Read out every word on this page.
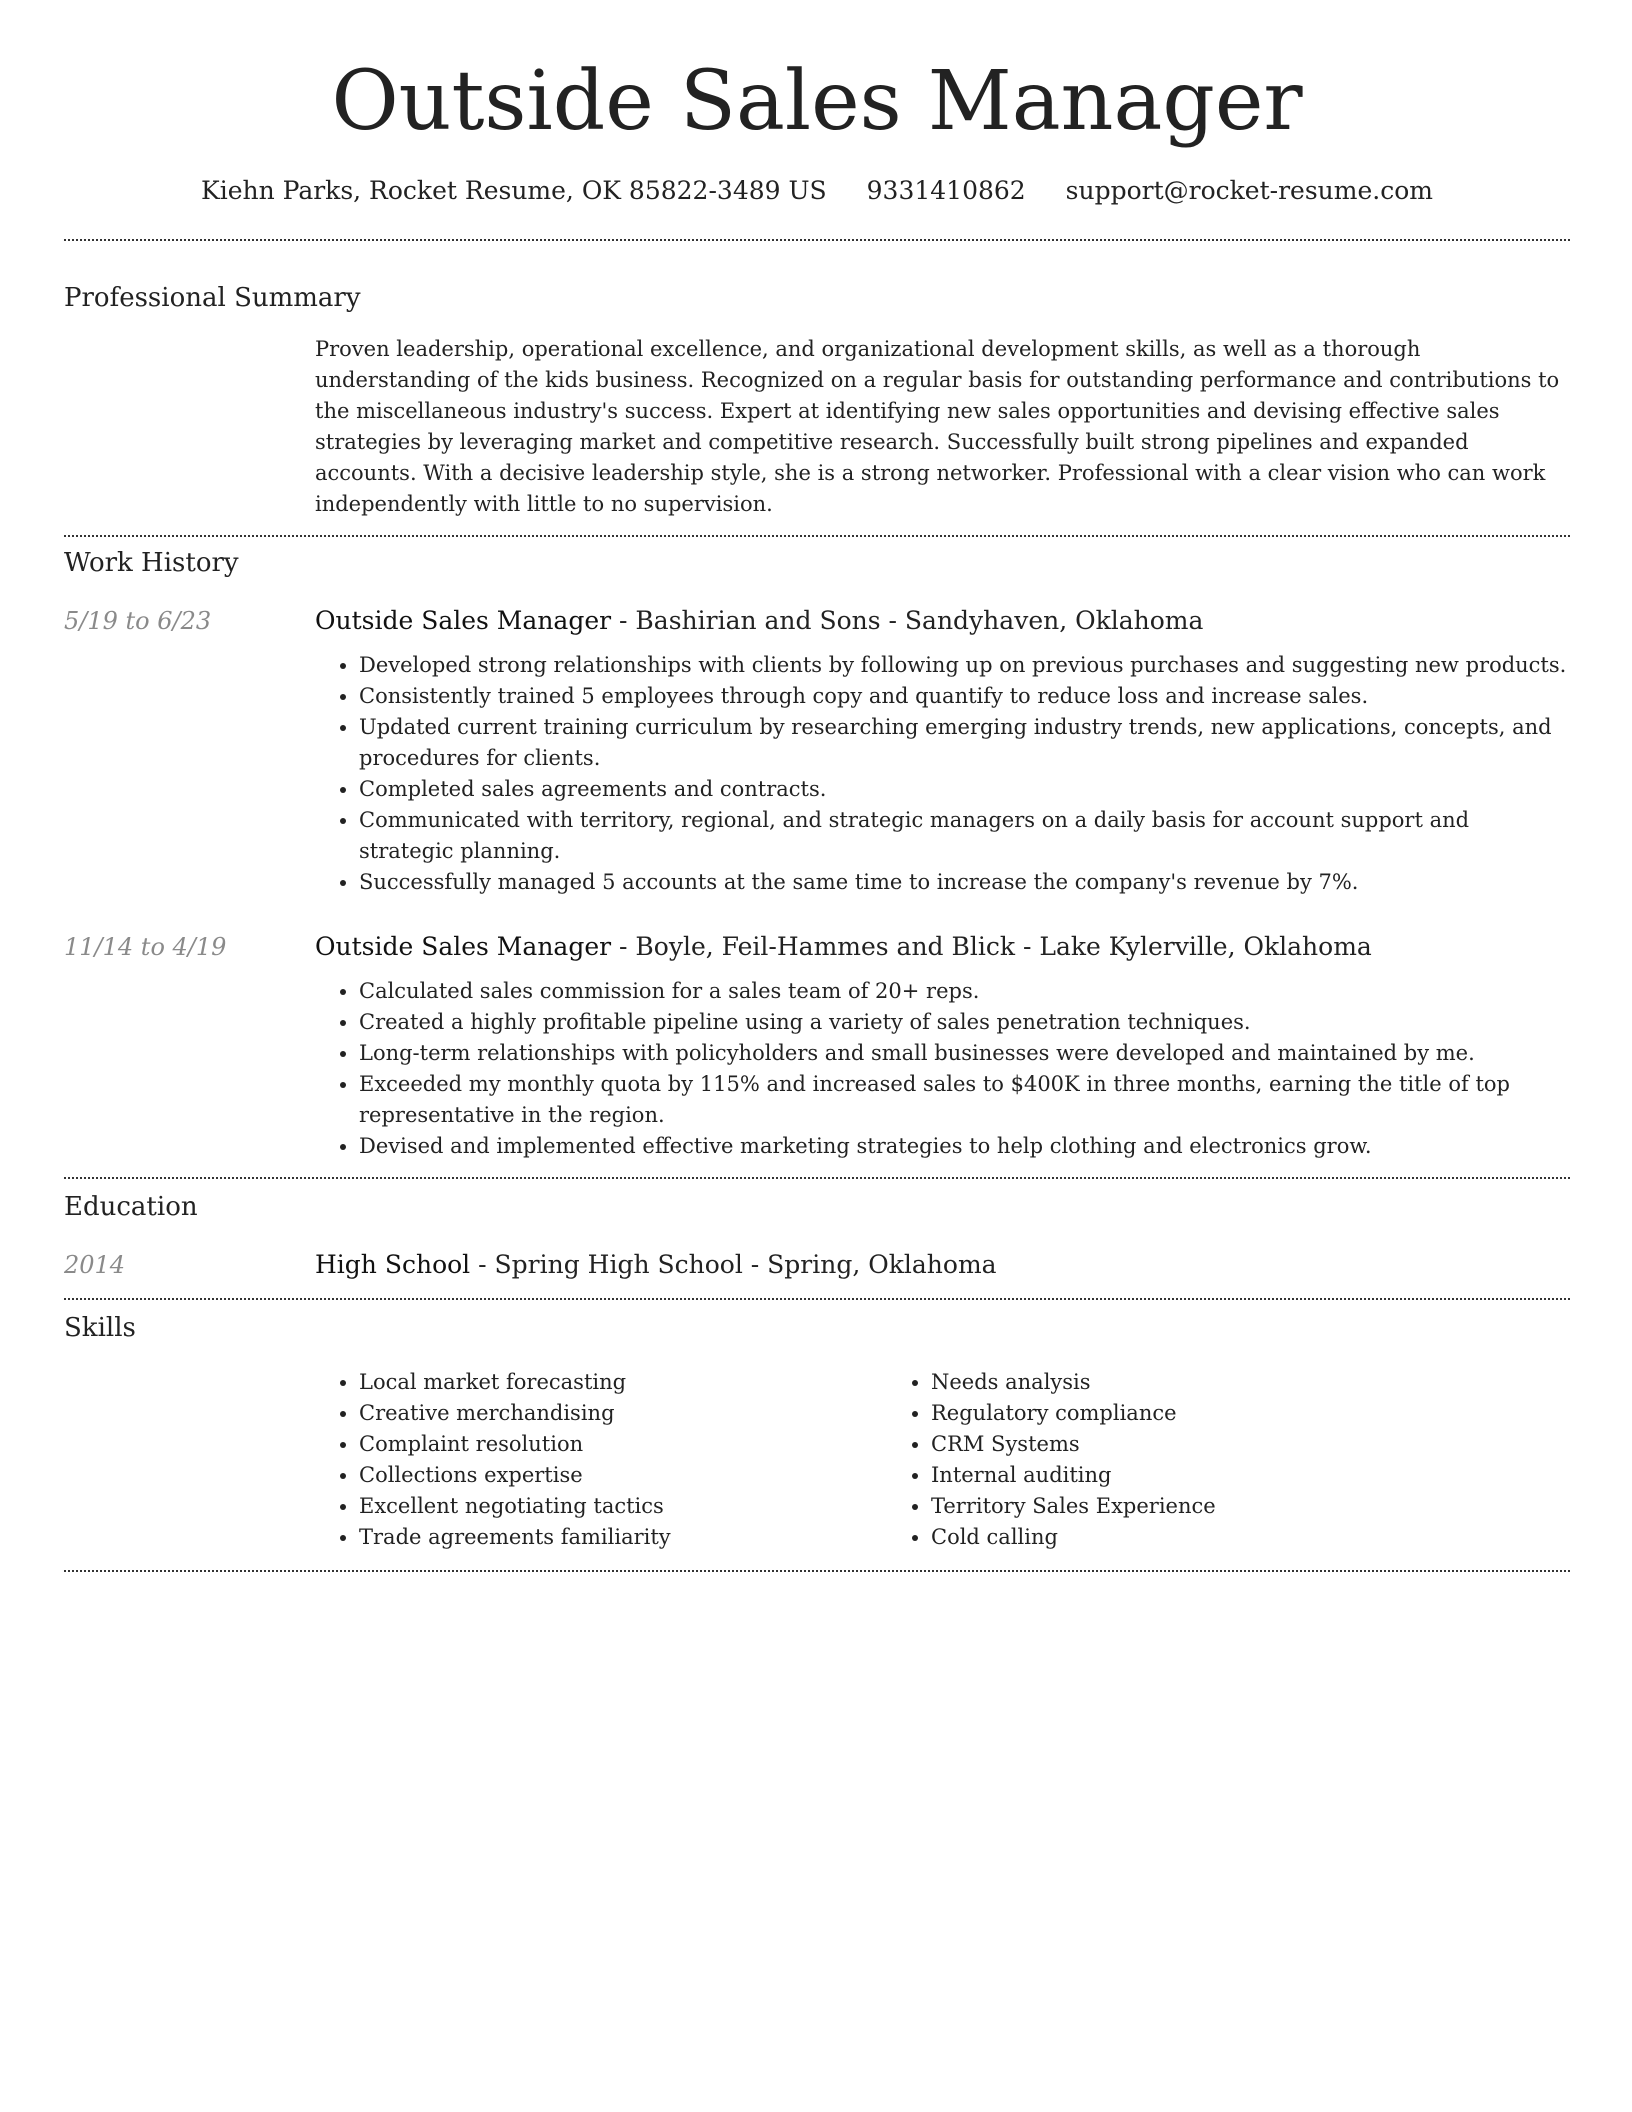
Outside Sales Manager
Kiehn Parks, Rocket Resume, OK 85822-3489 US 9331410862 support@rocket-resume.com
Professional Summary
Proven leadership, operational excellence, and organizational development skills, as well as a thorough understanding of the kids business. Recognized on a regular basis for outstanding performance and contributions to the miscellaneous industry's success. Expert at identifying new sales opportunities and devising effective sales strategies by leveraging market and competitive research. Successfully built strong pipelines and expanded accounts. With a decisive leadership style, she is a strong networker. Professional with a clear vision who can work independently with little to no supervision.
Work History
5/19 to 6/23	Outside Sales Manager - Bashirian and Sons - Sandyhaven, Oklahoma
• Developed strong relationships with clients by following up on previous purchases and suggesting new products.
• Consistently trained 5 employees through copy and quantify to reduce loss and increase sales.
• Updated current training curriculum by researching emerging industry trends, new applications, concepts, and procedures for clients.
• Completed sales agreements and contracts.
• Communicated with territory, regional, and strategic managers on a daily basis for account support and strategic planning.
• Successfully managed 5 accounts at the same time to increase the company's revenue by 7%.
11/14 to 4/19	Outside Sales Manager - Boyle, Feil-Hammes and Blick - Lake Kylerville, Oklahoma
• Calculated sales commission for a sales team of 20+ reps.
• Created a highly profitable pipeline using a variety of sales penetration techniques.
• Long-term relationships with policyholders and small businesses were developed and maintained by me.
• Exceeded my monthly quota by 115% and increased sales to $400K in three months, earning the title of top representative in the region.
• Devised and implemented effective marketing strategies to help clothing and electronics grow.
Education
2014	High School - Spring High School - Spring, Oklahoma
Skills
• Local market forecasting
• Creative merchandising
• Complaint resolution
• Collections expertise
• Excellent negotiating tactics
• Trade agreements familiarity
• Needs analysis
• Regulatory compliance
• CRM Systems
• Internal auditing
• Territory Sales Experience
• Cold calling
